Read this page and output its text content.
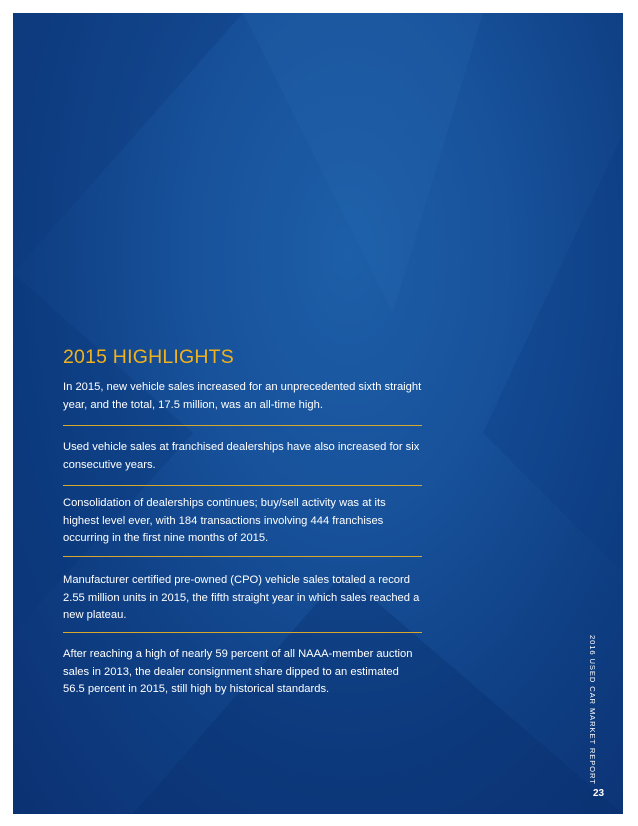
2015 HIGHLIGHTS
In 2015, new vehicle sales increased for an unprecedented sixth straight year, and the total, 17.5 million, was an all-time high.
Used vehicle sales at franchised dealerships have also increased for six consecutive years.
Consolidation of dealerships continues; buy/sell activity was at its highest level ever, with 184 transactions involving 444 franchises occurring in the first nine months of 2015.
Manufacturer certified pre-owned (CPO) vehicle sales totaled a record 2.55 million units in 2015, the fifth straight year in which sales reached a new plateau.
After reaching a high of nearly 59 percent of all NAAA-member auction sales in 2013, the dealer consignment share dipped to an estimated 56.5 percent in 2015, still high by historical standards.	2016 USED CAR MARKET REPORT
23
